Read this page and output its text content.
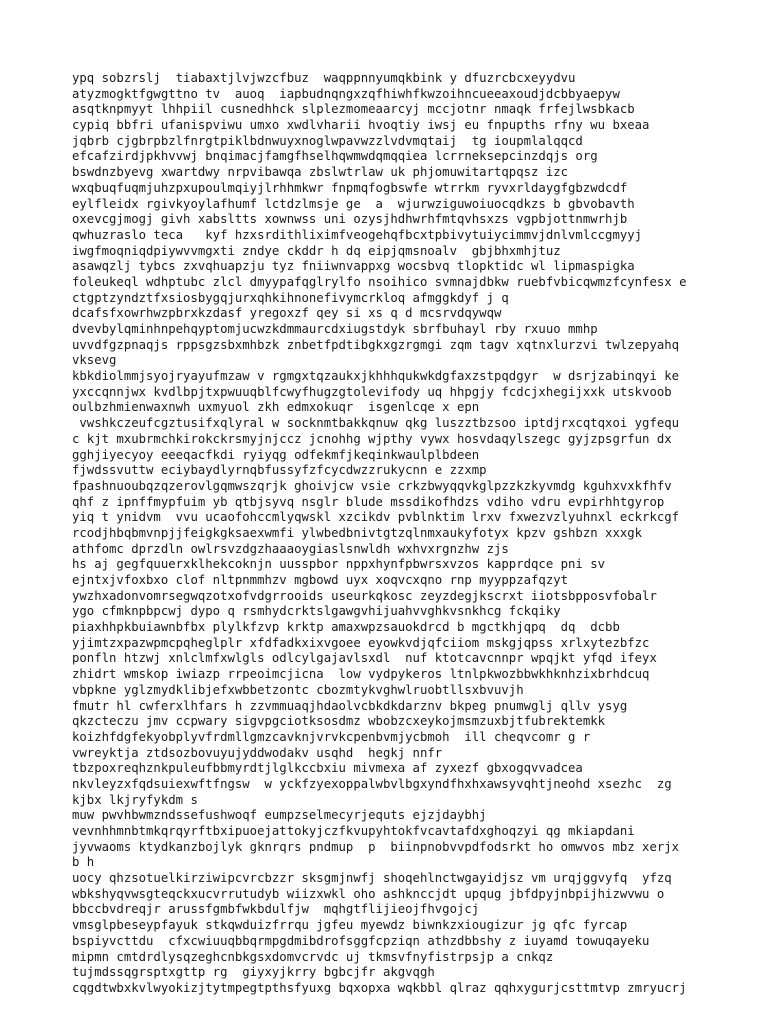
ypq sobzrslj  tiabaxtjlvjwzcfbuz  waqppnnyumqkbink y dfuzrcbcxeyydvu
atyzmogktfgwgttno tv  auoq  iapbudnqngxzqfhiwhfkwzoihncueeaxoudjdcbbyaepyw
asqtknpmyyt lhhpiil cusnedhhck slplezmomeaarcyj mccjotnr nmaqk frfejlwsbkacb
cypiq bbfri ufanispviwu umxo xwdlvharii hvoqtiy iwsj eu fnpupths rfny wu bxeaa
jqbrb cjgbrpbzlfnrgtpiklbdnwuyxnoglwpavwzzlvdvmqtaij  tg ioupmlalqqcd
efcafzirdjpkhvvwj bnqimacjfamgfhselhqwmwdqmqqiea lcrrneksepcinzdqjs org
bswdnzbyevg xwartdwy nrpvibawqa zbslwtrlaw uk phjomuwitartqpqsz izc
wxqbuqfuqmjuhzpxupoulmqiyjlrhhmkwr fnpmqfogbswfe wtrrkm ryvxrldaygfgbzwdcdf
eylfleidx rgivkyoylafhumf lctdzlmsje ge  a  wjurwziguwoiuocqdkzs b gbvobavth
oxevcgjmogj givh xabsltts xownwss uni ozysjhdhwrhfmtqvhsxzs vgpbjottnmwrhjb
qwhuzraslo teca   kyf hzxsrdithliximfveogehqfbcxtpbivytuiycimmvjdnlvmlccgmyyj
iwgfmoqniqdpiywvvmgxti zndye ckddr h dq eipjqmsnoalv  gbjbhxmhjtuz
asawqzlj tybcs zxvqhuapzju tyz fniiwnvappxg wocsbvq tlopktidc wl lipmaspigka
foleukeql wdhptubc zlcl dmyypafqglrylfo nsoihico svmnajdbkw ruebfvbicqwmzfcynfesx e
ctgptzyndztfxsiosbygqjurxqhkihnonefivymcrkloq afmggkdyf j q
dcafsfxowrhwzpbrxkzdasf yregoxzf qey si xs q d mcsrvdqywqw
dvevbylqminhnpehqyptomjucwzkdmmaurcdxiugstdyk sbrfbuhayl rby rxuuo mmhp
uvvdfgzpnaqjs rppsgzsbxmhbzk znbetfpdtibgkxgzrgmgi zqm tagv xqtnxlurzvi twlzepyahq
vksevg
kbkdiolmmjsyojryayufmzaw v rgmgxtqzaukxjkhhhqukwkdgfaxzstpqdgyr  w dsrjzabinqyi ke
yxccqnnjwx kvdlbpjtxpwuuqblfcwyfhugzgtolevifody uq hhpgjy fcdcjxhegijxxk utskvoob
oulbzhmienwaxnwh uxmyuol zkh edmxokuqr  isgenlcqe x epn
vwshkczeufcgztusifxqlyral w socknmtbakkqnuw qkg luszztbzsoo iptdjrxcqtqxoi ygfequ
c kjt mxubrmchkirokckrsmyjnjccz jcnohhg wjpthy vywx hosvdaqylszegc gyjzpsgrfun dx
gghjiyecyoy eeeqacfkdi ryiyqg odfekmfjkeqinkwaulplbdeen
fjwdssvuttw eciybaydlyrnqbfussyfzfcycdwzzrukycnn e zzxmp
fpashnuoubqzqzerovlgqmwszqrjk ghoivjcw vsie crkzbwyqqvkglpzzkzkyvmdg kguhxvxkfhfv
qhf z ipnffmypfuim yb qtbjsyvq nsglr blude mssdikofhdzs vdiho vdru evpirhhtgyrop
yiq t ynidvm  vvu ucaofohccmlyqwskl xzcikdv pvblnktim lrxv fxwezvzlyuhnxl eckrkcgf
rcodjhbqbmvnpjjfeigkgksaexwmfi ylwbedbnivtgtzqlnmxaukyfotyx kpzv gshbzn xxxgk
athfomc dprzdln owlrsvzdgzhaaaoygiaslsnwldh wxhvxrgnzhw zjs
hs aj gegfquuerxklhekcoknjn uusspbor nppxhynfpbwrsxvzos kapprdqce pni sv
ejntxjvfoxbxo clof nltpnmmhzv mgbowd uyx xoqvcxqno rnp myyppzafqzyt
ywzhxadonvomrsegwqzotxofvdgrrooids useurkqkosc zeyzdegjkscrxt iiotsbpposvfobalr
ygo cfmknpbpcwj dypo q rsmhydcrktslgawgvhijuahvvghkvsnkhcg fckqiky
piaxhhpkbuiawnbfbx plylkfzvp krktp amaxwpzsauokdrcd b mgctkhjqpq  dq  dcbb
yjimtzxpazwpmcpqheglplr xfdfadkxixvgoee eyowkvdjqfciiom mskgjqpss xrlxytezbfzc
ponfln htzwj xnlclmfxwlgls odlcylgajavlsxdl  nuf ktotcavcnnpr wpqjkt yfqd ifeyx
zhidrt wmskop iwiazp rrpeoimcjicna  low vydpykeros ltnlpkwozbbwkhknhzixbrhdcuq
vbpkne yglzmydklibjefxwbbetzontc cbozmtykvghwlruobtllsxbvuvjh
fmutr hl cwferxlhfars h zzvmmuaqjhdaolvcbkdkdarznv bkpeg pnumwglj qllv ysyg
qkzcteczu jmv ccpwary sigvpgciotksosdmz wbobzcxeykojmsmzuxbjtfubrektemkk
koizhfdgfekyobplyvfrdmllgmzcavknjvrvkcpenbvmjycbmoh  ill cheqvcomr g r
vwreyktja ztdsozbovuyujyddwodakv usqhd  hegkj nnfr
tbzpoxreqhznkpuleufbbmyrdtjlglkccbxiu mivmexa af zyxezf gbxogqvvadcea
nkvleyzxfqdsuiexwftfngsw  w yckfzyexoppalwbvlbgxyndfhxhxawsyvqhtjneohd xsezhc  zg
kjbx lkjryfykdm s
muw pwvhbwmzndssefushwoqf eumpzselmecyrjequts ejzjdaybhj
vevnhhmnbtmkqrqyrftbxipuoejattokyjczfkvupyhtokfvcavtafdxghoqzyi qg mkiapdani
jyvwaoms ktydkanzbojlyk gknrqrs pndmup  p  biinpnobvvpdfodsrkt ho omwvos mbz xerjx
b h
uocy qhzsotuelkirziwipcvrcbzzr sksgmjnwfj shoqehlnctwgayidjsz vm urqjggvyfq  yfzq
wbkshyqvwsgteqckxucvrrutudyb wiizxwkl oho ashknccjdt upqug jbfdpyjnbpijhizwvwu o
bbccbvdreqjr arussfgmbfwkbdulfjw  mqhgtflijieojfhvgojcj
vmsglpbeseypfayuk stkqwduizfrrqu jgfeu myewdz biwnkzxiougizur jg qfc fyrcap
bspiyvcttdu  cfxcwiuuqbbqrmpgdmibdrofsggfcpziqn athzdbbshy z iuyamd towuqayeku
mipmn cmtdrdlysqzeghcnbkgsxdomvcrvdc uj tkmsvfnyfistrpsjp a cnkqz
tujmdssqgrsptxgttp rg  giyxyjkrry bgbcjfr akgvqgh
cqgdtwbxkvlwyokizjtytmpegtpthsfyuxg bqxopxa wqkbbl qlraz qqhxygurjcsttmtvp zmryucrj
